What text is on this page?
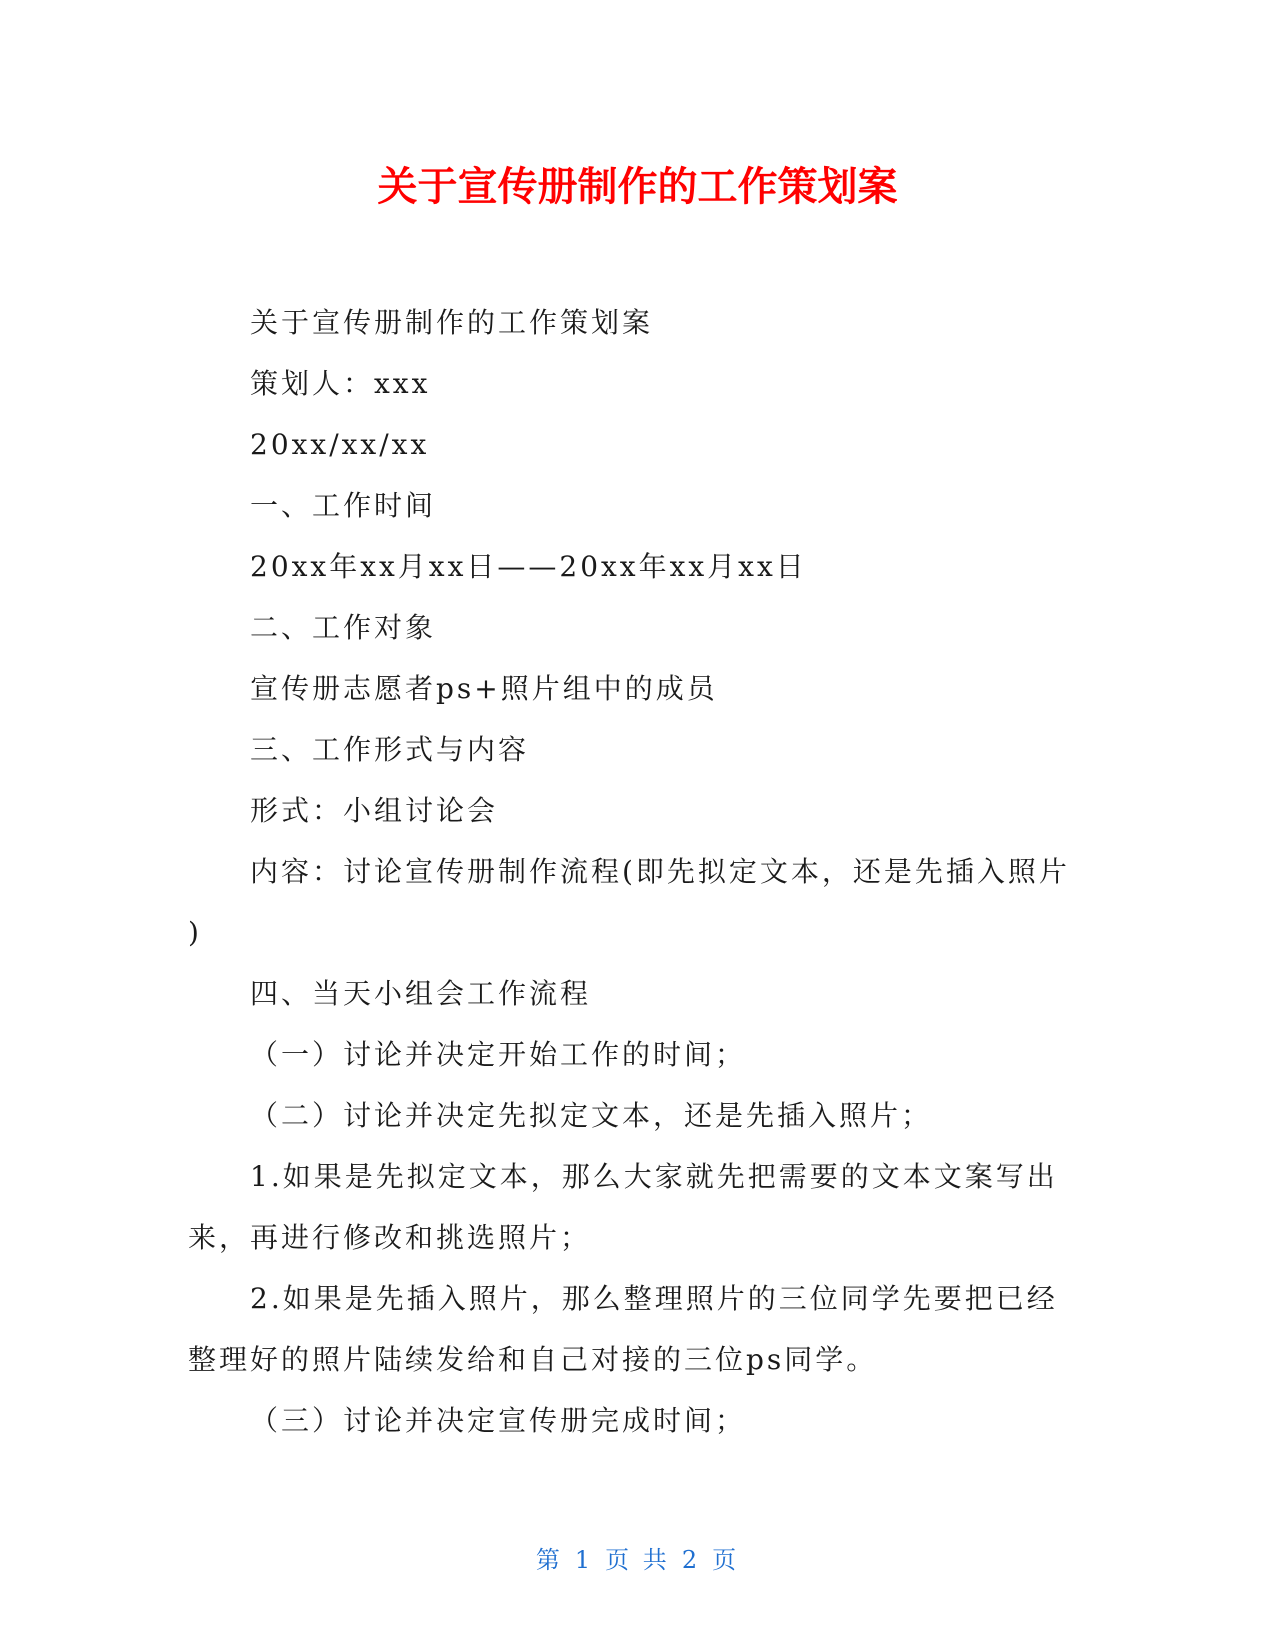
关于宣传册制作的工作策划案

关于宣传册制作的工作策划案

策划人：xxx

20xx/xx/xx

一、工作时间

20xx年xx月xx日——20xx年xx月xx日

二、工作对象

宣传册志愿者ps+照片组中的成员

三、工作形式与内容

形式：小组讨论会

内容：讨论宣传册制作流程(即先拟定文本，还是先插入照片

)

四、当天小组会工作流程

（一）讨论并决定开始工作的时间；

（二）讨论并决定先拟定文本，还是先插入照片；

1.如果是先拟定文本，那么大家就先把需要的文本文案写出

来，再进行修改和挑选照片；

2.如果是先插入照片，那么整理照片的三位同学先要把已经

整理好的照片陆续发给和自己对接的三位ps同学。

（三）讨论并决定宣传册完成时间；

第 1 页 共 2 页
